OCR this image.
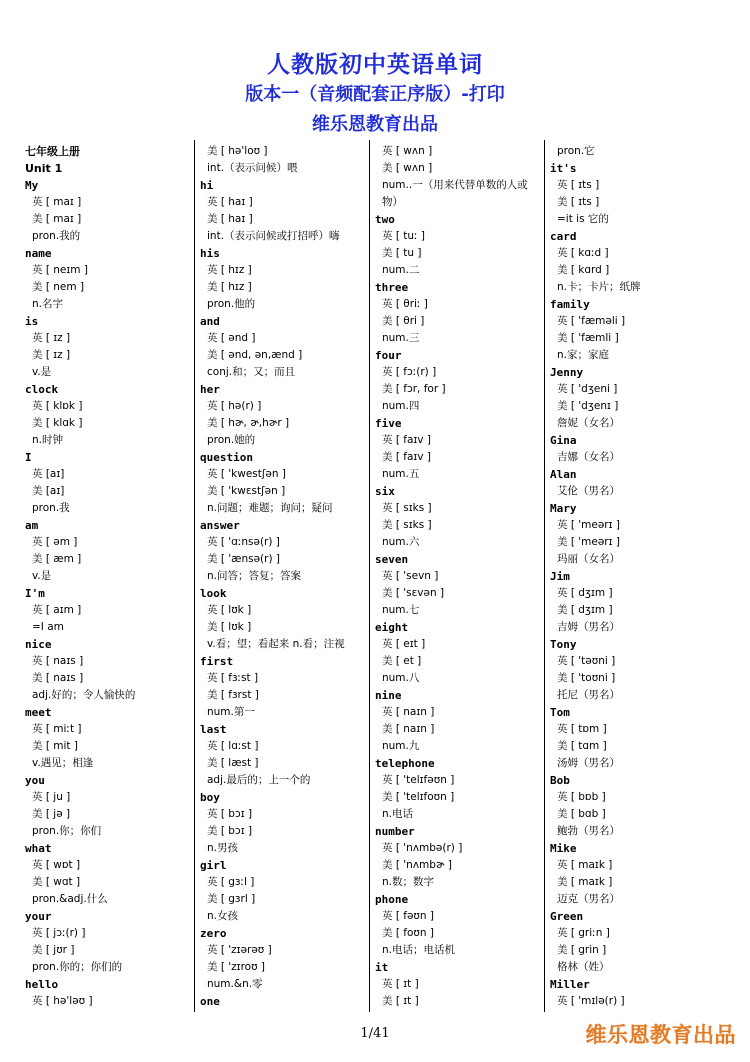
人教版初中英语单词
版本一（音频配套正序版）-打印
维乐恩教育出品
七年级上册
Unit 1
My
英 [ maɪ ]
美 [ maɪ ]
pron.我的
name
英 [ neɪm ]
美 [ nem ]
n.名字
is
英 [ ɪz ]
美 [ ɪz ]
v.是
clock
英 [ klɒk ]
美 [ klɑk ]
n.时钟
I
英 [aɪ]
美 [aɪ]
pron.我
am
英 [ əm ]
美 [ æm ]
v.是
I'm
英 [ aɪm ]
=I am
nice
英 [ naɪs ]
美 [ naɪs ]
adj.好的；令人愉快的
meet
英 [ miːt ]
美 [ mit ]
v.遇见；相逢
you
英 [ ju ]
美 [ jə ]
pron.你；你们
what
英 [ wɒt ]
美 [ wɑt ]
pron.&adj.什么
your
英 [ jɔː(r) ]
美 [ jʊr ]
pron.你的；你们的
hello
英 [ hə'ləʊ ]
美 [ hə'loʊ ]
int.（表示问候）喂
hi
英 [ haɪ ]
美 [ haɪ ]
int.（表示问候或打招呼）嗨
his
英 [ hɪz ]
美 [ hɪz ]
pron.他的
and
英 [ ənd ]
美 [ ənd, ən,ænd ]
conj.和；又；而且
her
英 [ hə(r) ]
美 [ hɚ, ɚ,hɚr ]
pron.她的
question
英 [ 'kwestʃən ]
美 [ 'kwɛstʃən ]
n.问题；难题；询问；疑问
answer
英 [ 'ɑːnsə(r) ]
美 [ 'ænsə(r) ]
n.问答；答复；答案
look
英 [ lʊk ]
美 [ lʊk ]
v.看；望；看起来 n.看；注视
first
英 [ fɜːst ]
美 [ fɜrst ]
num.第一
last
英 [ lɑːst ]
美 [ læst ]
adj.最后的；上一个的
boy
英 [ bɔɪ ]
美 [ bɔɪ ]
n.男孩
girl
英 [ gɜːl ]
美 [ gɜrl ]
n.女孩
zero
英 [ 'zɪərəʊ ]
美 [ 'zɪroʊ ]
num.&n.零
one
英 [ wʌn ]
美 [ wʌn ]
num..一（用来代替单数的人或
物）
two
英 [ tuː ]
美 [ tu ]
num.二
three
英 [ θriː ]
美 [ θri ]
num.三
four
英 [ fɔː(r) ]
美 [ fɔr, for ]
num.四
five
英 [ faɪv ]
美 [ faɪv ]
num.五
six
英 [ sɪks ]
美 [ sɪks ]
num.六
seven
英 [ 'sevn ]
美 [ 'sɛvən ]
num.七
eight
英 [ eɪt ]
美 [ et ]
num.八
nine
英 [ naɪn ]
美 [ naɪn ]
num.九
telephone
英 [ 'telɪfəʊn ]
美 [ 'telɪfoʊn ]
n.电话
number
英 [ 'nʌmbə(r) ]
美 [ 'nʌmbɚ ]
n.数；数字
phone
英 [ fəʊn ]
美 [ foʊn ]
n.电话；电话机
it
英 [ ɪt ]
美 [ ɪt ]
pron.它
it's
英 [ ɪts ]
美 [ ɪts ]
=it is 它的
card
英 [ kɑːd ]
美 [ kɑrd ]
n.卡；卡片；纸牌
family
英 [ 'fæməli ]
美 [ 'fæmli ]
n.家；家庭
Jenny
英 [ 'dʒeni ]
美 [ 'dʒenɪ ]
詹妮（女名）
Gina
吉娜（女名）
Alan
艾伦（男名）
Mary
英 [ 'meərɪ ]
美 [ 'meərɪ ]
玛丽（女名）
Jim
英 [ dʒɪm ]
美 [ dʒɪm ]
吉姆（男名）
Tony
英 [ 'təʊni ]
美 [ 'toʊni ]
托尼（男名）
Tom
英 [ tɒm ]
美 [ tɑm ]
汤姆（男名）
Bob
英 [ bɒb ]
美 [ bɑb ]
鲍勃（男名）
Mike
英 [ maɪk ]
美 [ maɪk ]
迈克（男名）
Green
英 [ griːn ]
美 [ grin ]
格林（姓）
Miller
英 [ 'mɪlə(r) ]
1/41	维乐恩教育出品
